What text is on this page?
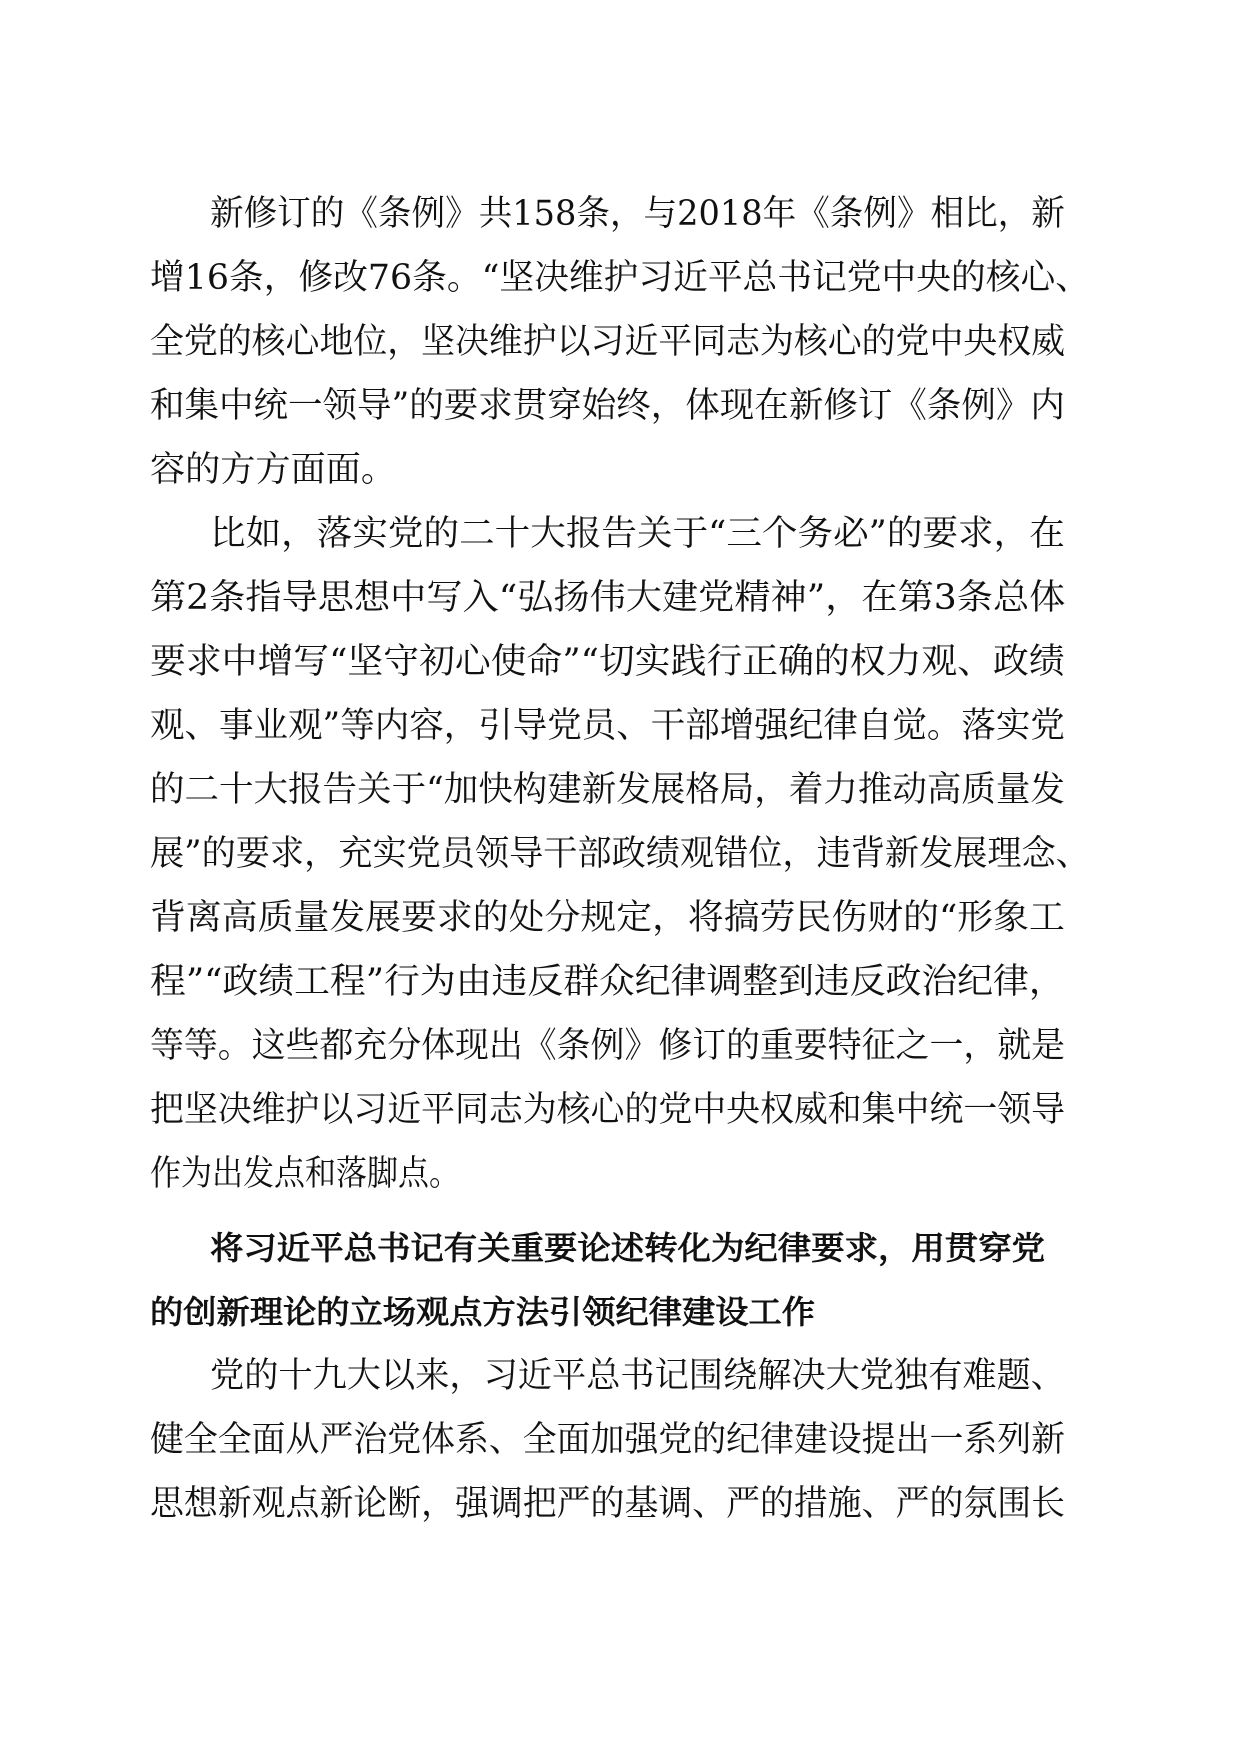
新修订的《条例》共158条，与2018年《条例》相比，新
增16条，修改76条。“坚决维护习近平总书记党中央的核心、
全党的核心地位，坚决维护以习近平同志为核心的党中央权威
和集中统一领导”的要求贯穿始终，体现在新修订《条例》内
容的方方面面。
比如，落实党的二十大报告关于“三个务必”的要求，在
第2条指导思想中写入“弘扬伟大建党精神”，在第3条总体
要求中增写“坚守初心使命”“切实践行正确的权力观、政绩
观、事业观”等内容，引导党员、干部增强纪律自觉。落实党
的二十大报告关于“加快构建新发展格局，着力推动高质量发
展”的要求，充实党员领导干部政绩观错位，违背新发展理念、
背离高质量发展要求的处分规定，将搞劳民伤财的“形象工
程”“政绩工程”行为由违反群众纪律调整到违反政治纪律，
等等。这些都充分体现出《条例》修订的重要特征之一，就是
把坚决维护以习近平同志为核心的党中央权威和集中统一领导
作为出发点和落脚点。
将习近平总书记有关重要论述转化为纪律要求，用贯穿党
的创新理论的立场观点方法引领纪律建设工作
党的十九大以来，习近平总书记围绕解决大党独有难题、
健全全面从严治党体系、全面加强党的纪律建设提出一系列新
思想新观点新论断，强调把严的基调、严的措施、严的氛围长
